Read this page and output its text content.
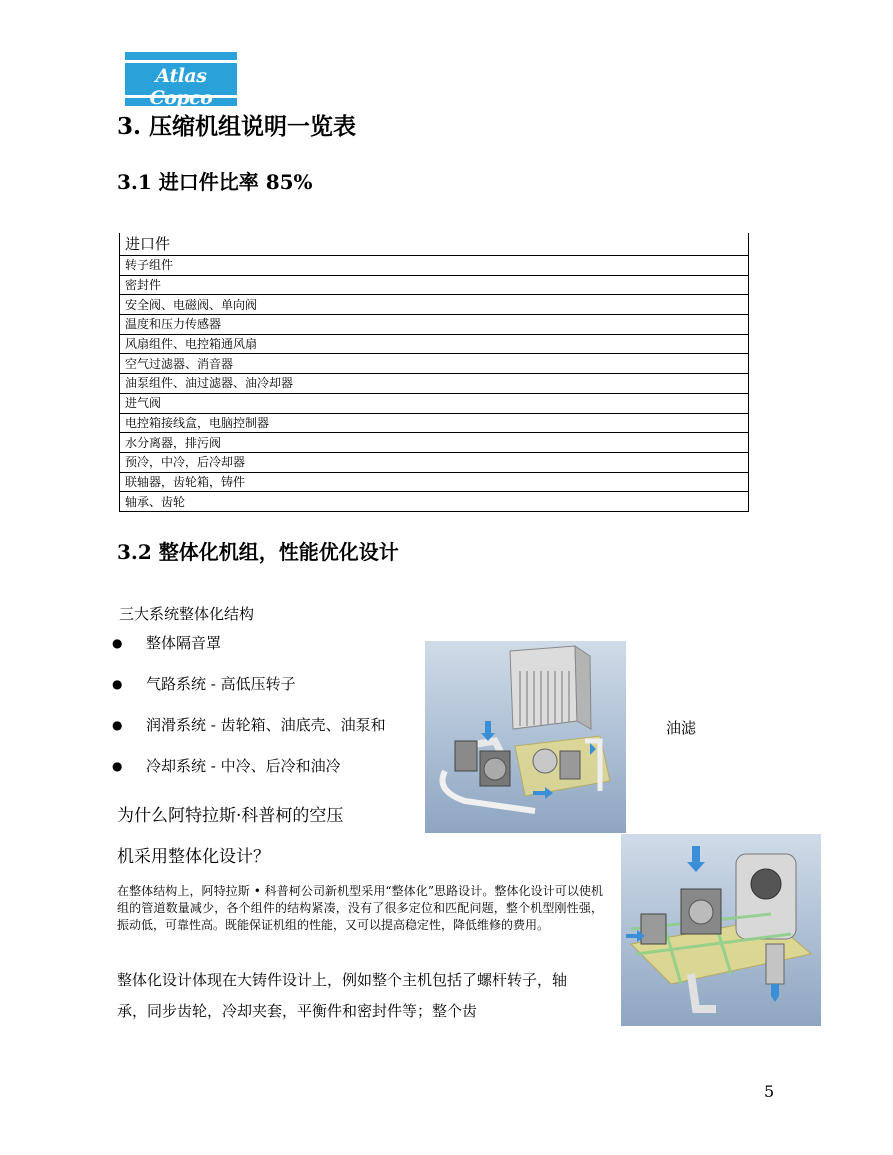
Atlas Copco
3. 压缩机组说明一览表
3.1 进口件比率 85%
进口件
转子组件
密封件
安全阀、电磁阀、单向阀
温度和压力传感器
风扇组件、电控箱通风扇
空气过滤器、消音器
油泵组件、油过滤器、油冷却器
进气阀
电控箱接线盒，电脑控制器
水分离器，排污阀
预冷，中冷，后冷却器
联轴器，齿轮箱，铸件
轴承、齿轮
3.2 整体化机组，性能优化设计
三大系统整体化结构
● 整体隔音罩
● 气路系统 - 高低压转子
● 润滑系统 - 齿轮箱、油底壳、油泵和
● 冷却系统 - 中冷、后冷和油冷
油滤
为什么阿特拉斯·科普柯的空压
机采用整体化设计？
在整体结构上，阿特拉斯 • 科普柯公司新机型采用“整体化”思路设计。整体化设计可以使机组的管道数量减少，各个组件的结构紧凑，没有了很多定位和匹配问题，整个机型刚性强，振动低，可靠性高。既能保证机组的性能，又可以提高稳定性，降低维修的费用。
整体化设计体现在大铸件设计上，例如整个主机包括了螺杆转子，轴承，同步齿轮，冷却夹套，平衡件和密封件等；整个齿
5
